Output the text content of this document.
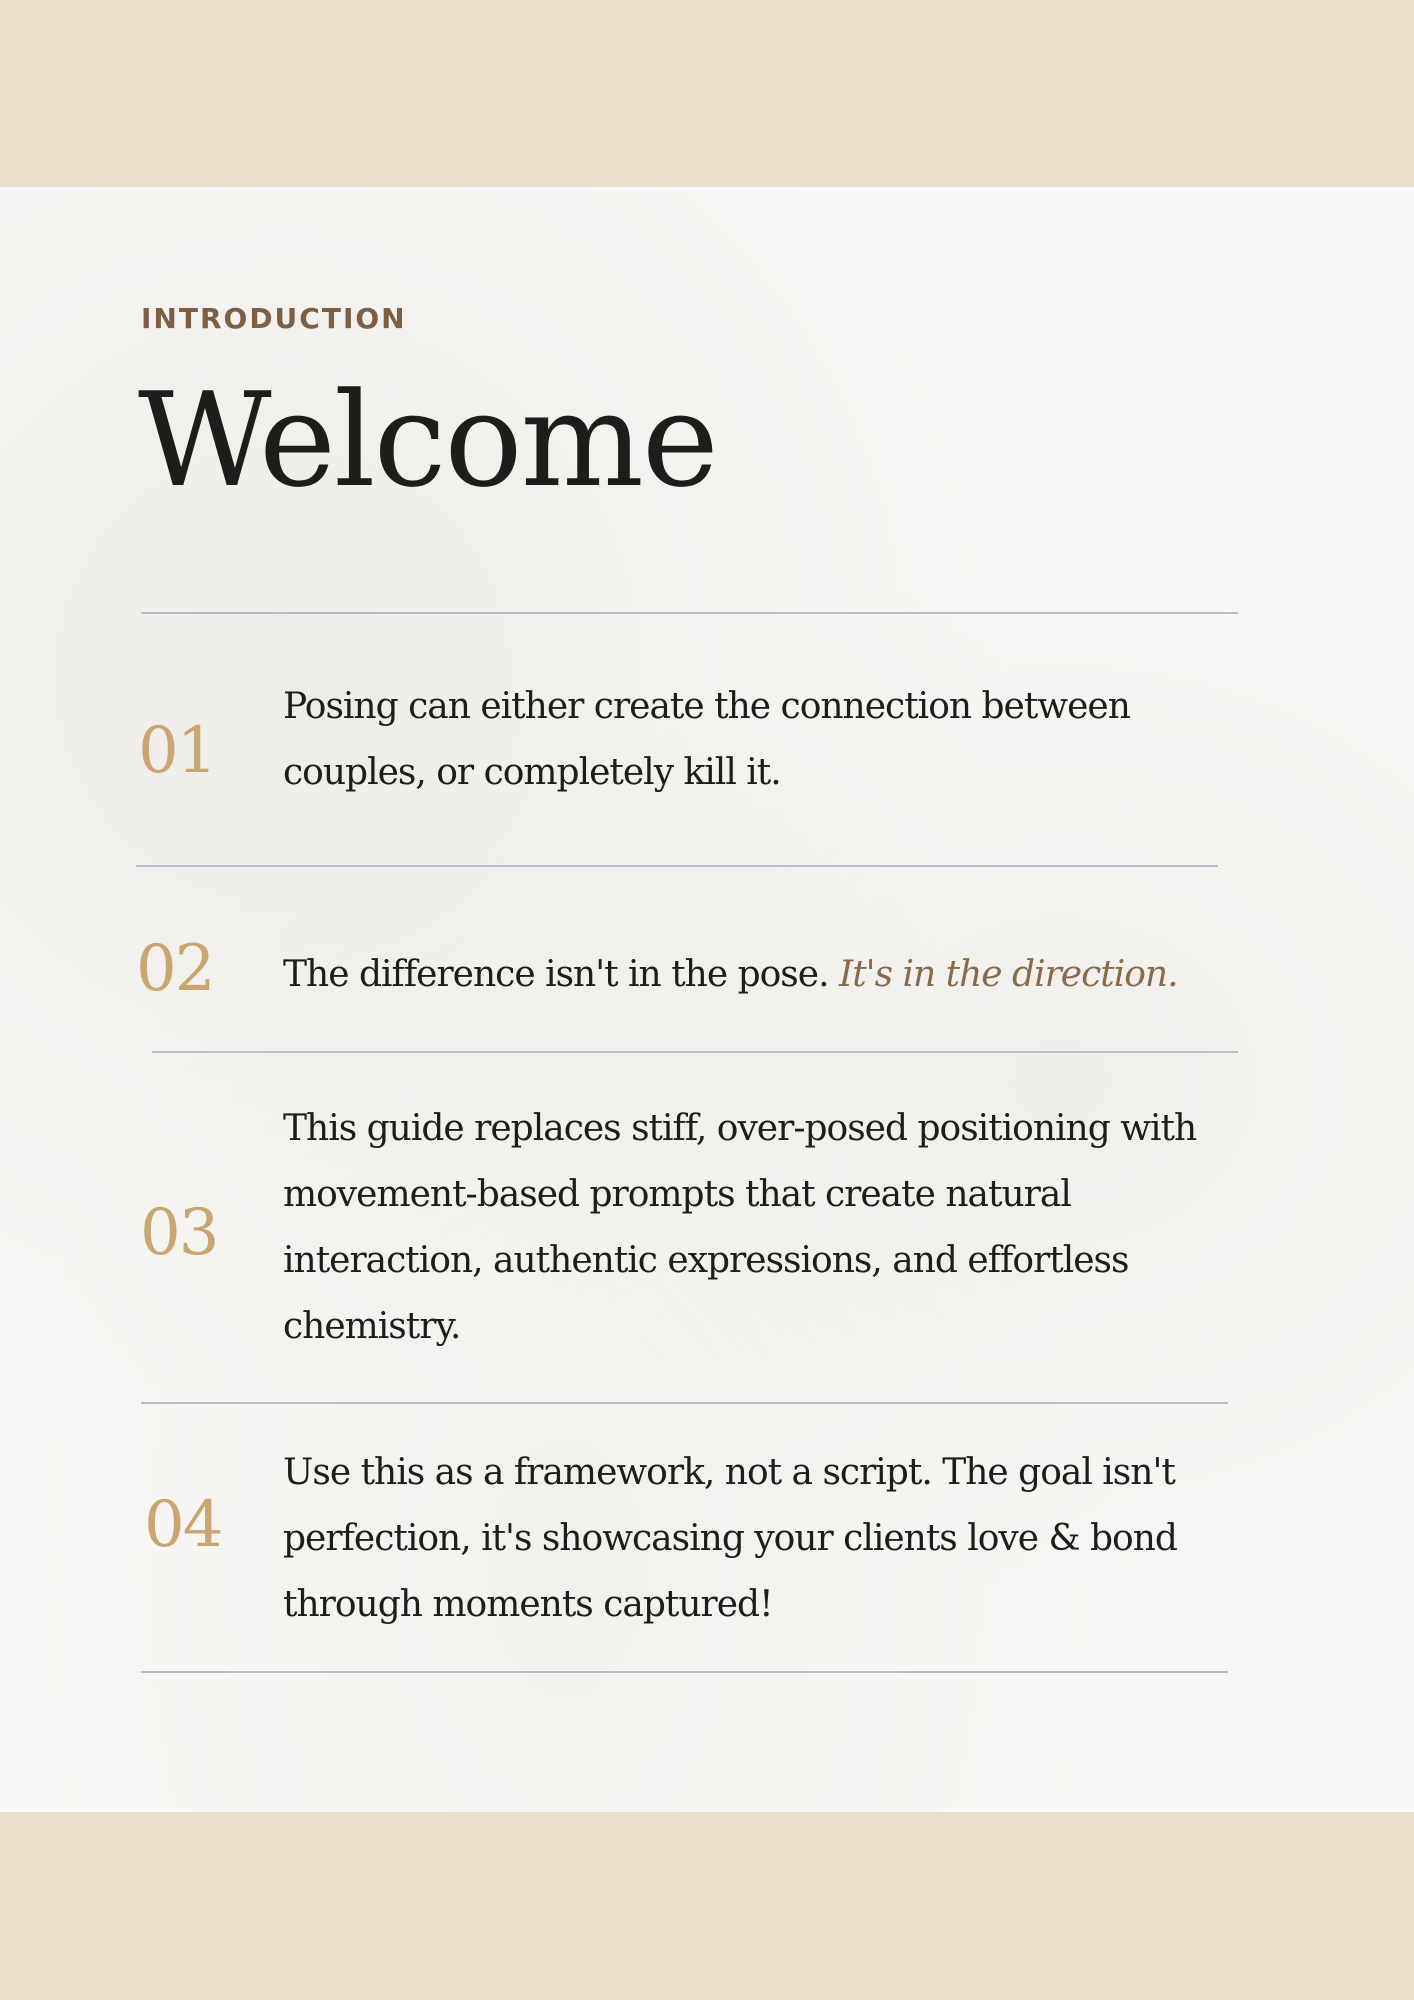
INTRODUCTION
Welcome
01
Posing can either create the connection between couples, or completely kill it.
02 The difference isn't in the pose. It's in the direction.
03
This guide replaces stiff, over-posed positioning with movement-based prompts that create natural interaction, authentic expressions, and effortless chemistry.
04
Use this as a framework, not a script. The goal isn't perfection, it's showcasing your clients love & bond through moments captured!
